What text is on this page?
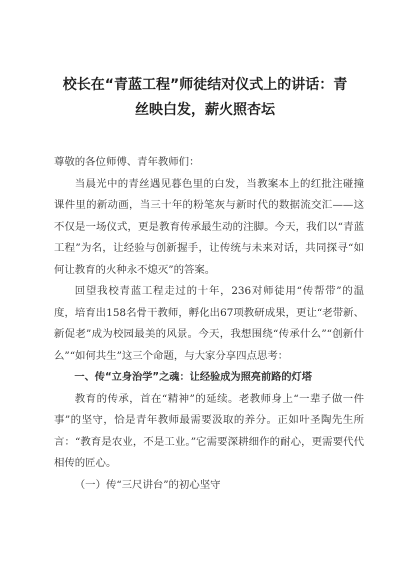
校长在“青蓝工程”师徒结对仪式上的讲话：青
丝映白发，薪火照杏坛

尊敬的各位师傅、青年教师们：

当晨光中的青丝遇见暮色里的白发，当教案本上的红批注碰撞课件里的新动画，当三十年的粉笔灰与新时代的数据流交汇——这不仅是一场仪式，更是教育传承最生动的注脚。今天，我们以“青蓝工程”为名，让经验与创新握手，让传统与未来对话，共同探寻“如何让教育的火种永不熄灭”的答案。

回望我校青蓝工程走过的十年，236对师徒用“传帮带”的温度，培育出158名骨干教师，孵化出67项教研成果，更让“老带新、新促老”成为校园最美的风景。今天，我想围绕“传承什么”“创新什么”“如何共生”这三个命题，与大家分享四点思考：

一、传“立身治学”之魂：让经验成为照亮前路的灯塔

教育的传承，首在“精神”的延续。老教师身上“一辈子做一件事”的坚守，恰是青年教师最需要汲取的养分。正如叶圣陶先生所言：“教育是农业，不是工业。”它需要深耕细作的耐心，更需要代代相传的匠心。

（一）传“三尺讲台”的初心坚守
